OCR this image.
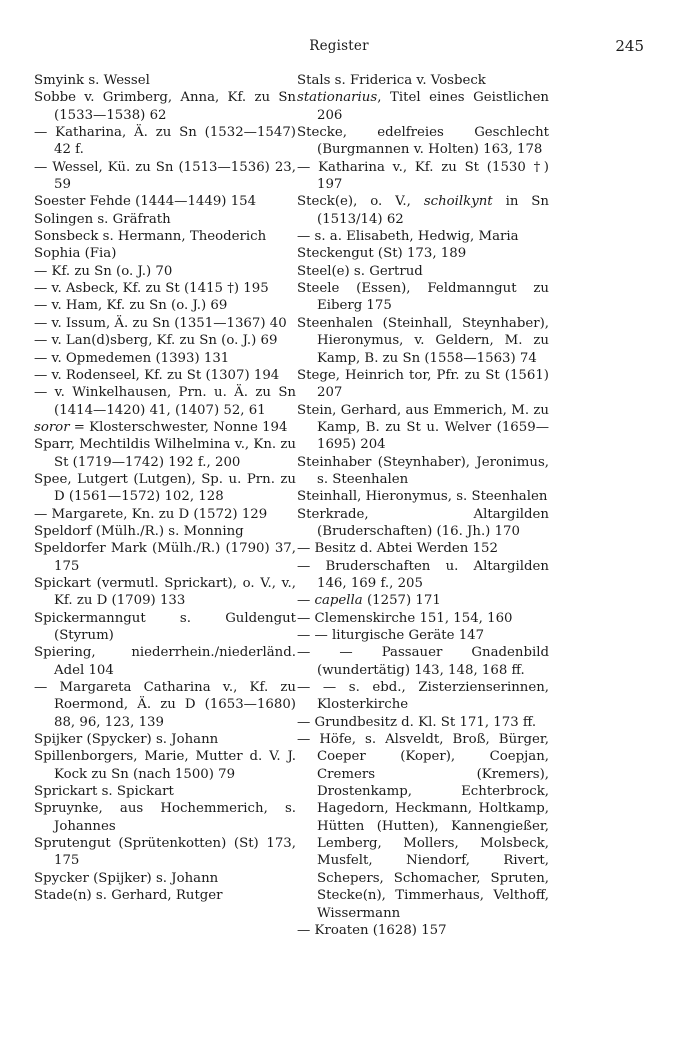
Register	245
Smyink s. Wessel
Sobbe v. Grimberg, Anna, Kf. zu Sn (1533—1538) 62
— Katharina, Ä. zu Sn (1532—1547) 42 f.
— Wessel, Kü. zu Sn (1513—1536) 23, 59
Soester Fehde (1444—1449) 154
Solingen s. Gräfrath
Sonsbeck s. Hermann, Theoderich
Sophia (Fia)
— Kf. zu Sn (o. J.) 70
— v. Asbeck, Kf. zu St (1415 †) 195
— v. Ham, Kf. zu Sn (o. J.) 69
— v. Issum, Ä. zu Sn (1351—1367) 40
— v. Lan(d)sberg, Kf. zu Sn (o. J.) 69
— v. Opmedemen (1393) 131
— v. Rodenseel, Kf. zu St (1307) 194
— v. Winkelhausen, Prn. u. Ä. zu Sn (1414—1420) 41, (1407) 52, 61
soror = Klosterschwester, Nonne 194
Sparr, Mechtildis Wilhelmina v., Kn. zu St (1719—1742) 192 f., 200
Spee, Lutgert (Lutgen), Sp. u. Prn. zu D (1561—1572) 102, 128
— Margarete, Kn. zu D (1572) 129
Speldorf (Mülh./R.) s. Monning
Speldorfer Mark (Mülh./R.) (1790) 37, 175
Spickart (vermutl. Sprickart), o. V., v., Kf. zu D (1709) 133
Spickermanngut s. Guldengut (Styrum)
Spiering, niederrhein./niederländ. Adel 104
— Margareta Catharina v., Kf. zu Roermond, Ä. zu D (1653—1680) 88, 96, 123, 139
Spijker (Spycker) s. Johann
Spillenborgers, Marie, Mutter d. V. J. Kock zu Sn (nach 1500) 79
Sprickart s. Spickart
Spruynke, aus Hochemmerich, s. Johannes
Sprutengut (Sprütenkotten) (St) 173, 175
Spycker (Spijker) s. Johann
Stade(n) s. Gerhard, Rutger
Stals s. Friderica v. Vosbeck
stationarius, Titel eines Geistlichen 206
Stecke, edelfreies Geschlecht (Burgmannen v. Holten) 163, 178
— Katharina v., Kf. zu St (1530 †) 197
Steck(e), o. V., schoilkynt in Sn (1513/14) 62
— s. a. Elisabeth, Hedwig, Maria
Steckengut (St) 173, 189
Steel(e) s. Gertrud
Steele (Essen), Feldmanngut zu Eiberg 175
Steenhalen (Steinhall, Steynhaber), Hieronymus, v. Geldern, M. zu Kamp, B. zu Sn (1558—1563) 74
Stege, Heinrich tor, Pfr. zu St (1561) 207
Stein, Gerhard, aus Emmerich, M. zu Kamp, B. zu St u. Welver (1659—1695) 204
Steinhaber (Steynhaber), Jeronimus, s. Steenhalen
Steinhall, Hieronymus, s. Steenhalen
Sterkrade, Altargilden (Bruderschaften) (16. Jh.) 170
— Besitz d. Abtei Werden 152
— Bruderschaften u. Altargilden 146, 169 f., 205
— capella (1257) 171
— Clemenskirche 151, 154, 160
— — liturgische Geräte 147
— — Passauer Gnadenbild (wundertätig) 143, 148, 168 ff.
— — s. ebd., Zisterzienserinnen, Klosterkirche
— Grundbesitz d. Kl. St 171, 173 ff.
— Höfe, s. Alsveldt, Broß, Bürger, Coeper (Koper), Coepjan, Cremers (Kremers), Drostenkamp, Echterbrock, Hagedorn, Heckmann, Holtkamp, Hütten (Hutten), Kannengießer, Lemberg, Mollers, Molsbeck, Musfelt, Niendorf, Rivert, Schepers, Schomacher, Spruten, Stecke(n), Timmerhaus, Velthoff, Wissermann
— Kroaten (1628) 157
